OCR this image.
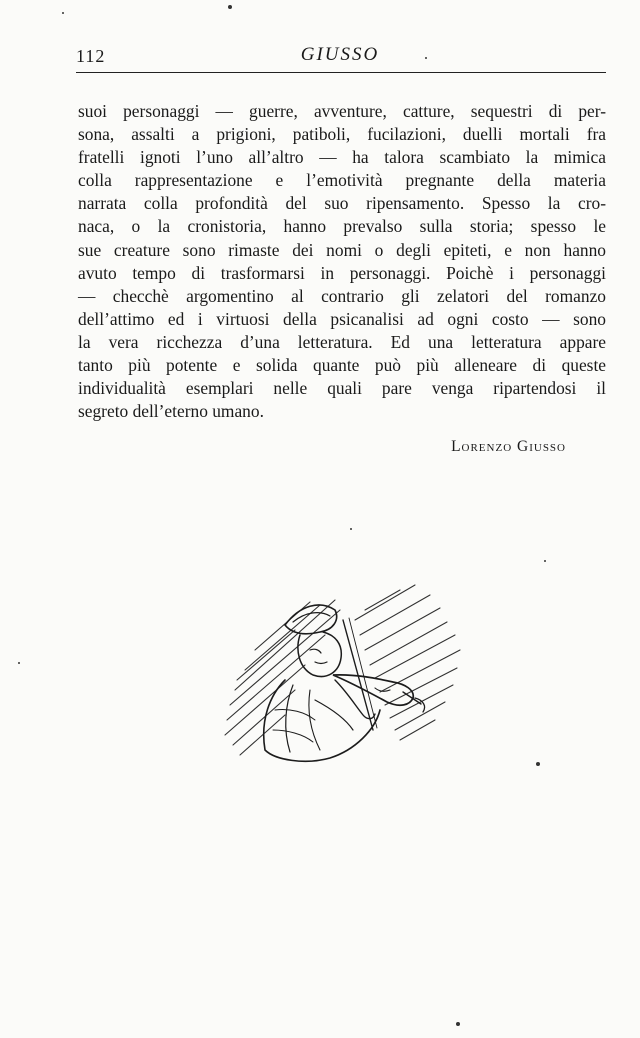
112	GIUSSO
suoi personaggi — guerre, avventure, catture, sequestri di per-
sona, assalti a prigioni, patiboli, fucilazioni, duelli mortali fra
fratelli ignoti l’uno all’altro — ha talora scambiato la mimica
colla rappresentazione e l’emotività pregnante della materia
narrata colla profondità del suo ripensamento. Spesso la cro-
naca, o la cronistoria, hanno prevalso sulla storia; spesso le
sue creature sono rimaste dei nomi o degli epiteti, e non hanno
avuto tempo di trasformarsi in personaggi. Poichè i personaggi
— checchè argomentino al contrario gli zelatori del romanzo
dell’attimo ed i virtuosi della psicanalisi ad ogni costo — sono
la vera ricchezza d’una letteratura. Ed una letteratura appare
tanto più potente e solida quante può più alleneare di queste
individualità esemplari nelle quali pare venga ripartendosi il
segreto dell’eterno umano.
Lorenzo Giusso
